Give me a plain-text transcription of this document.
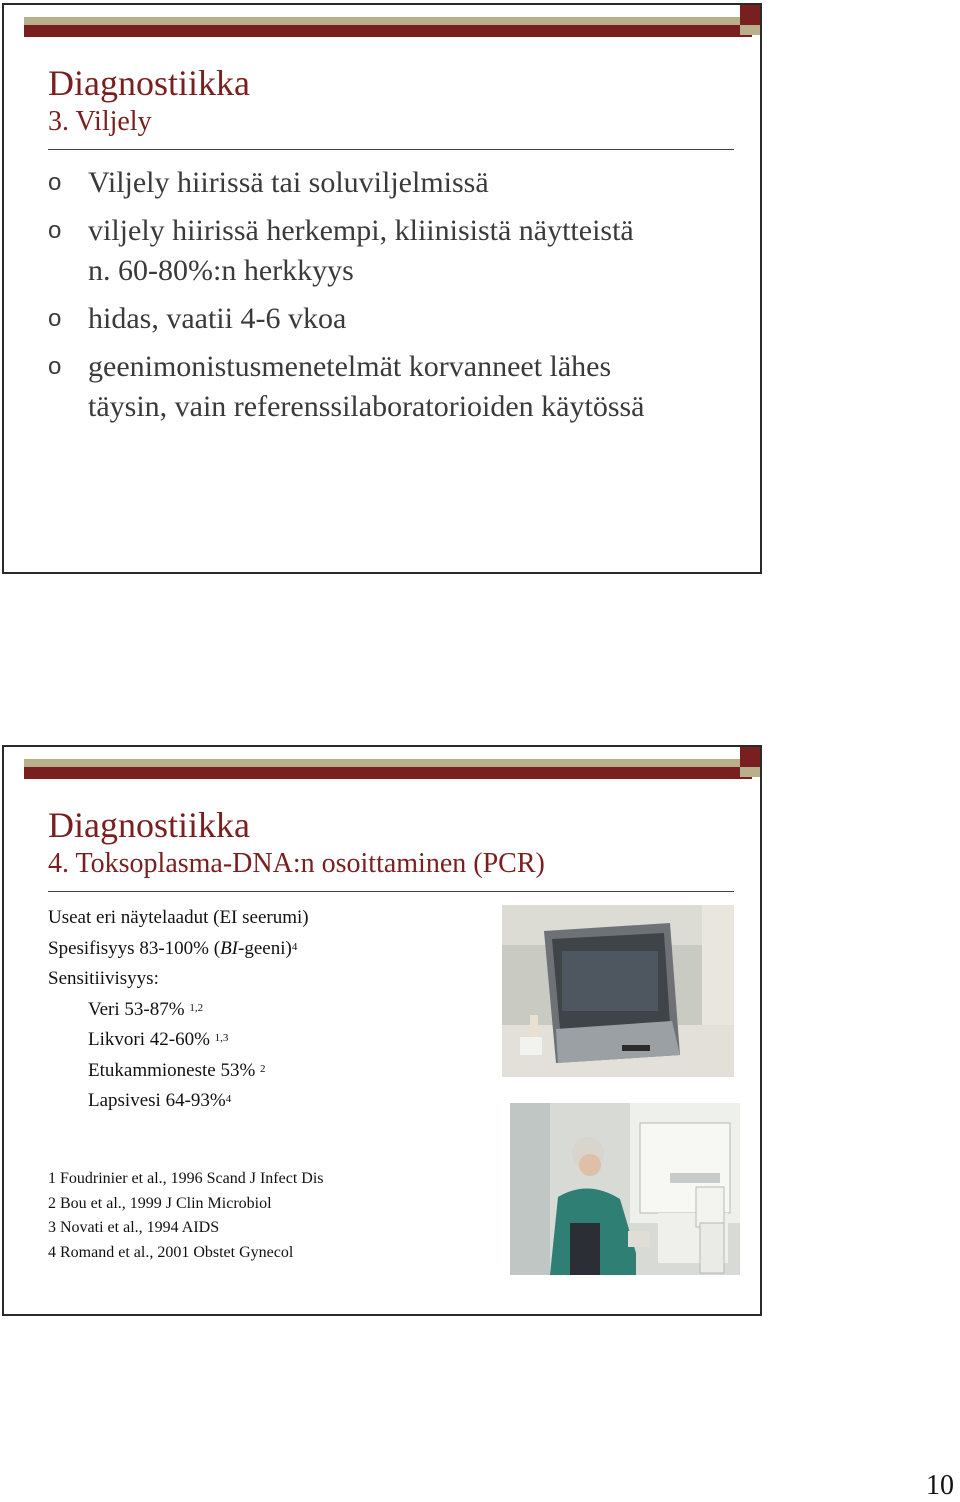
Diagnostiikka
3. Viljely
o Viljely hiirissä tai soluviljelmissä
o viljely hiirissä herkempi, kliinisistä näytteistä
n. 60-80%:n herkkyys
o hidas, vaatii 4-6 vkoa
o geenimonistusmenetelmät korvanneet lähes
täysin, vain referenssilaboratorioiden käytössä
Diagnostiikka
4. Toksoplasma-DNA:n osoittaminen (PCR)
Useat eri näytelaadut (EI seerumi)
Spesifisyys 83-100% (BI-geeni)$^4$
Sensitiivisyys:
Veri 53-87% $^{1,2}$
Likvori 42-60% $^{1,3}$
Etukammioneste 53% $^2$
Lapsivesi 64-93%$^4$
1 Foudrinier et al., 1996 Scand J Infect Dis
2 Bou et al., 1999 J Clin Microbiol
3 Novati et al., 1994 AIDS
4 Romand et al., 2001 Obstet Gynecol
10
